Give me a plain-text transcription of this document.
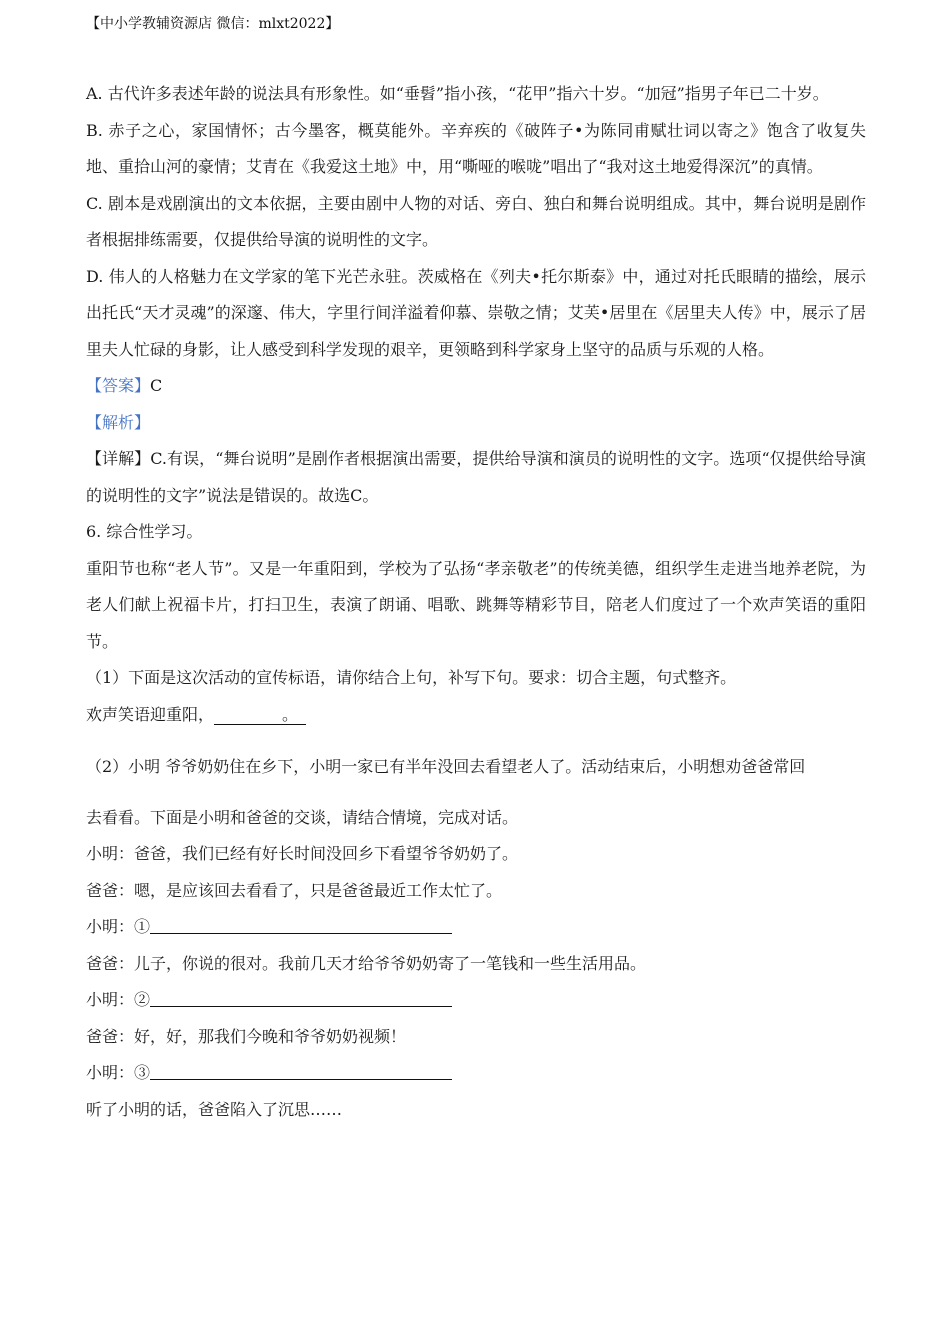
【中小学教辅资源店 微信：mlxt2022】

A. 古代许多表述年龄的说法具有形象性。如“垂髫”指小孩，“花甲”指六十岁。“加冠”指男子年已二十岁。

B. 赤子之心，家国情怀；古今墨客，概莫能外。辛弃疾的《破阵子•为陈同甫赋壮词以寄之》饱含了收复失地、重拾山河的豪情；艾青在《我爱这土地》中，用“嘶哑的喉咙”唱出了“我对这土地爱得深沉”的真情。

C. 剧本是戏剧演出的文本依据，主要由剧中人物的对话、旁白、独白和舞台说明组成。其中，舞台说明是剧作者根据排练需要，仅提供给导演的说明性的文字。

D. 伟人的人格魅力在文学家的笔下光芒永驻。茨威格在《列夫•托尔斯泰》中，通过对托氏眼睛的描绘，展示出托氏“天才灵魂”的深邃、伟大，字里行间洋溢着仰慕、崇敬之情；艾芙•居里在《居里夫人传》中，展示了居里夫人忙碌的身影，让人感受到科学发现的艰辛，更领略到科学家身上坚守的品质与乐观的人格。

【答案】C

【解析】

【详解】C.有误，“舞台说明”是剧作者根据演出需要，提供给导演和演员的说明性的文字。选项“仅提供给导演的说明性的文字”说法是错误的。故选C。

6. 综合性学习。

重阳节也称“老人节”。又是一年重阳到，学校为了弘扬“孝亲敬老”的传统美德，组织学生走进当地养老院，为老人们献上祝福卡片，打扫卫生，表演了朗诵、唱歌、跳舞等精彩节目，陪老人们度过了一个欢声笑语的重阳节。

（1）下面是这次活动的宣传标语，请你结合上句，补写下句。要求：切合主题，句式整齐。

欢声笑语迎重阳，	。

（2）小明 爷爷奶奶住在乡下，小明一家已有半年没回去看望老人了。活动结束后，小明想劝爸爸常回

去看看。下面是小明和爸爸的交谈，请结合情境，完成对话。

小明：爸爸，我们已经有好长时间没回乡下看望爷爷奶奶了。

爸爸：嗯，是应该回去看看了，只是爸爸最近工作太忙了。

小明：①

爸爸：儿子，你说的很对。我前几天才给爷爷奶奶寄了一笔钱和一些生活用品。

小明：②

爸爸：好，好，那我们今晚和爷爷奶奶视频！

小明：③

听了小明的话，爸爸陷入了沉思……
